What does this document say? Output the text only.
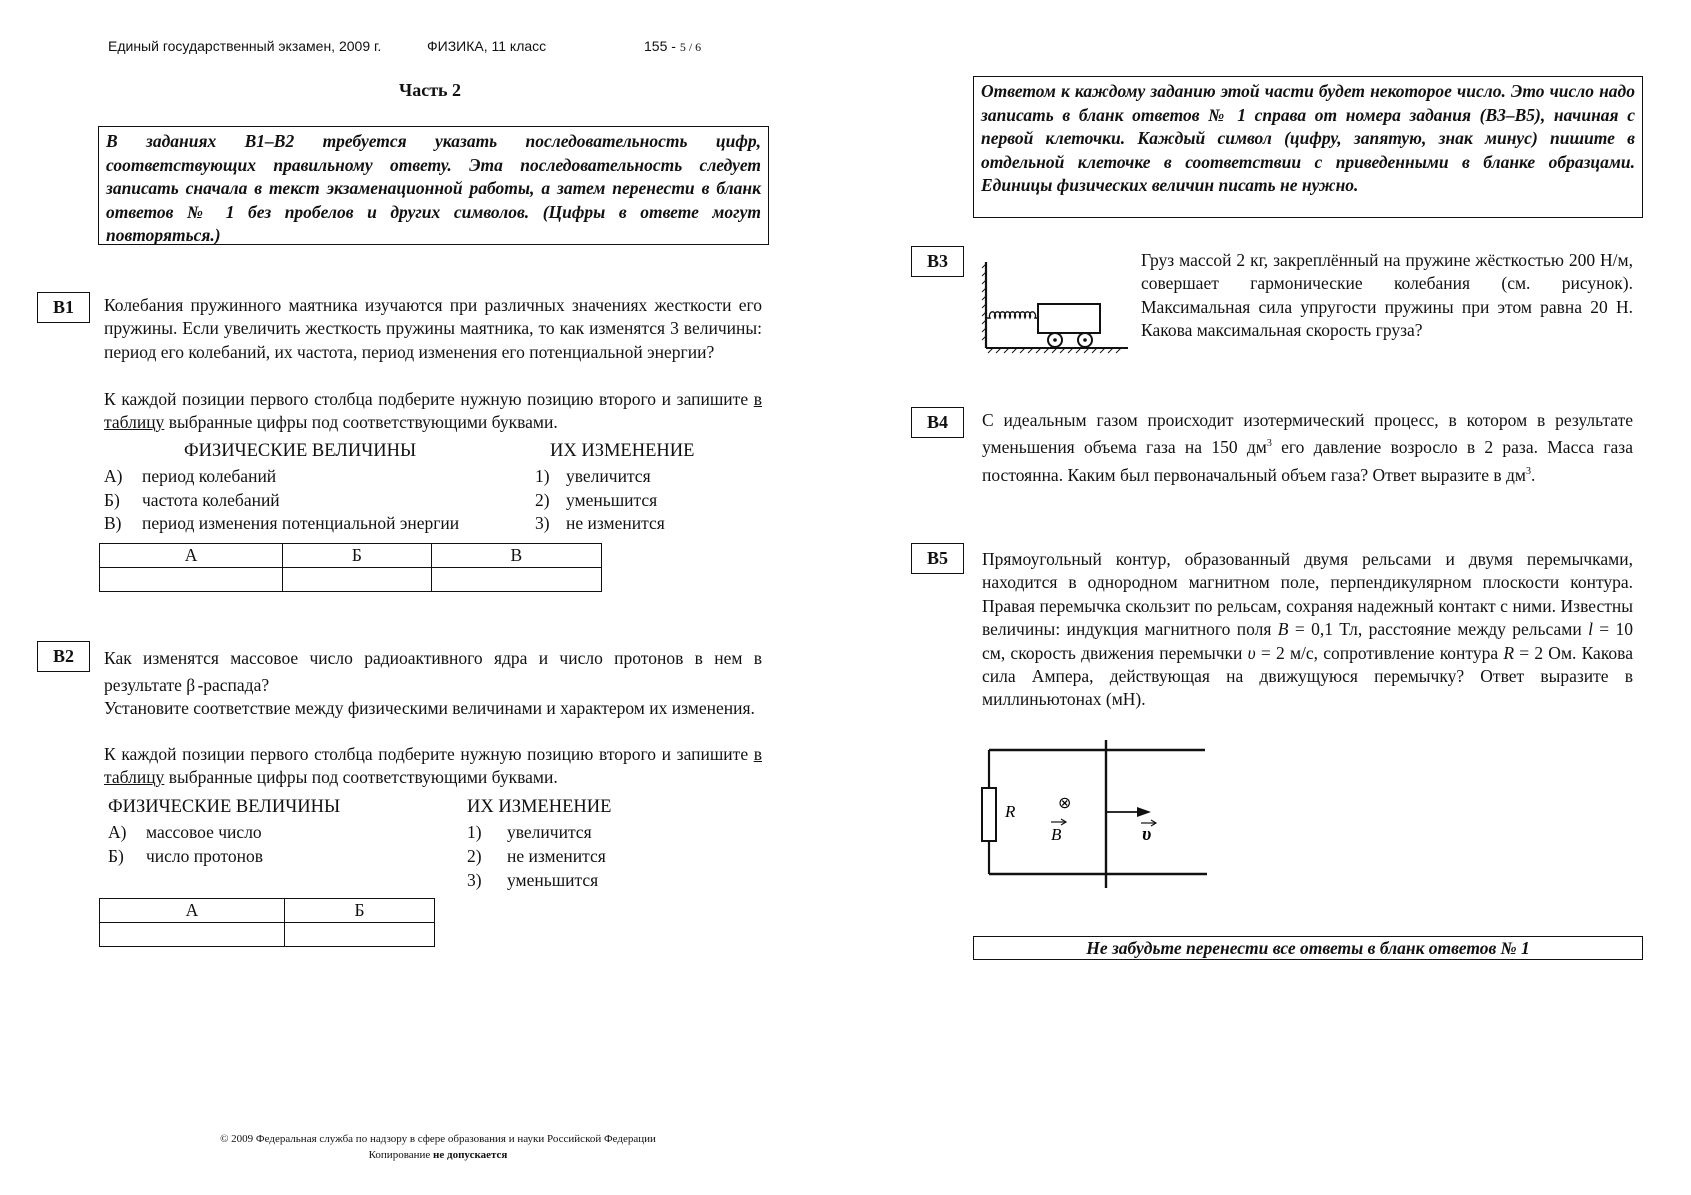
Единый государственный экзамен, 2009 г.	ФИЗИКА, 11 класс	155 - 5 / 6
Часть 2
В заданиях В1–В2 требуется указать последовательность цифр, соответствующих правильному ответу. Эта последовательность следует записать сначала в текст экзаменационной работы, а затем перенести в бланк ответов № 1 без пробелов и других символов. (Цифры в ответе могут повторяться.)
Ответом к каждому заданию этой части будет некоторое число. Это число надо записать в бланк ответов № 1 справа от номера задания (В3–В5), начиная с первой клеточки. Каждый символ (цифру, запятую, знак минус) пишите в отдельной клеточке в соответствии с приведенными в бланке образцами. Единицы физических величин писать не нужно.
B1	Колебания пружинного маятника изучаются при различных значениях жесткости его пружины. Если увеличить жесткость пружины маятника, то как изменятся 3 величины: период его колебаний, их частота, период изменения его потенциальной энергии?
К каждой позиции первого столбца подберите нужную позицию второго и запишите в таблицу выбранные цифры под соответствующими буквами.
ФИЗИЧЕСКИЕ ВЕЛИЧИНЫ	ИХ ИЗМЕНЕНИЕ
А) период колебаний
Б) частота колебаний
В) период изменения потенциальной энергии
1) увеличится
2) уменьшится
3) не изменится
А	Б	В

B2	Как изменятся массовое число радиоактивного ядра и число протонов в нем в результате β -распада?
Установите соответствие между физическими величинами и характером их изменения.
К каждой позиции первого столбца подберите нужную позицию второго и запишите в таблицу выбранные цифры под соответствующими буквами.
ФИЗИЧЕСКИЕ ВЕЛИЧИНЫ	ИХ ИЗМЕНЕНИЕ
А) массовое число
Б) число протонов
1) увеличится
2) не изменится
3) уменьшится
А	Б

B3	Груз массой 2 кг, закреплённый на пружине жёсткостью 200 Н/м, совершает гармонические колебания (см. рисунок). Максимальная сила упругости пружины при этом равна 20 Н. Какова максимальная скорость груза?
B4	С идеальным газом происходит изотермический процесс, в котором в результате уменьшения объема газа на 150 $дм^3$ его давление возросло в 2 раза. Масса газа постоянна. Каким был первоначальный объем газа? Ответ выразите в $дм^3$.
B5	Прямоугольный контур, образованный двумя рельсами и двумя перемычками, находится в однородном магнитном поле, перпендикулярном плоскости контура. Правая перемычка скользит по рельсам, сохраняя надежный контакт с ними. Известны величины: индукция магнитного поля B = 0,1 Тл, расстояние между рельсами l = 10 см, скорость движения перемычки υ = 2 м/с, сопротивление контура R = 2 Ом. Какова сила Ампера, действующая на движущуюся перемычку? Ответ выразите в миллиньютонах (мН).
R	⊗
B	υ
Не забудьте перенести все ответы в бланк ответов № 1
© 2009 Федеральная служба по надзору в сфере образования и науки Российской Федерации
Копирование не допускается
